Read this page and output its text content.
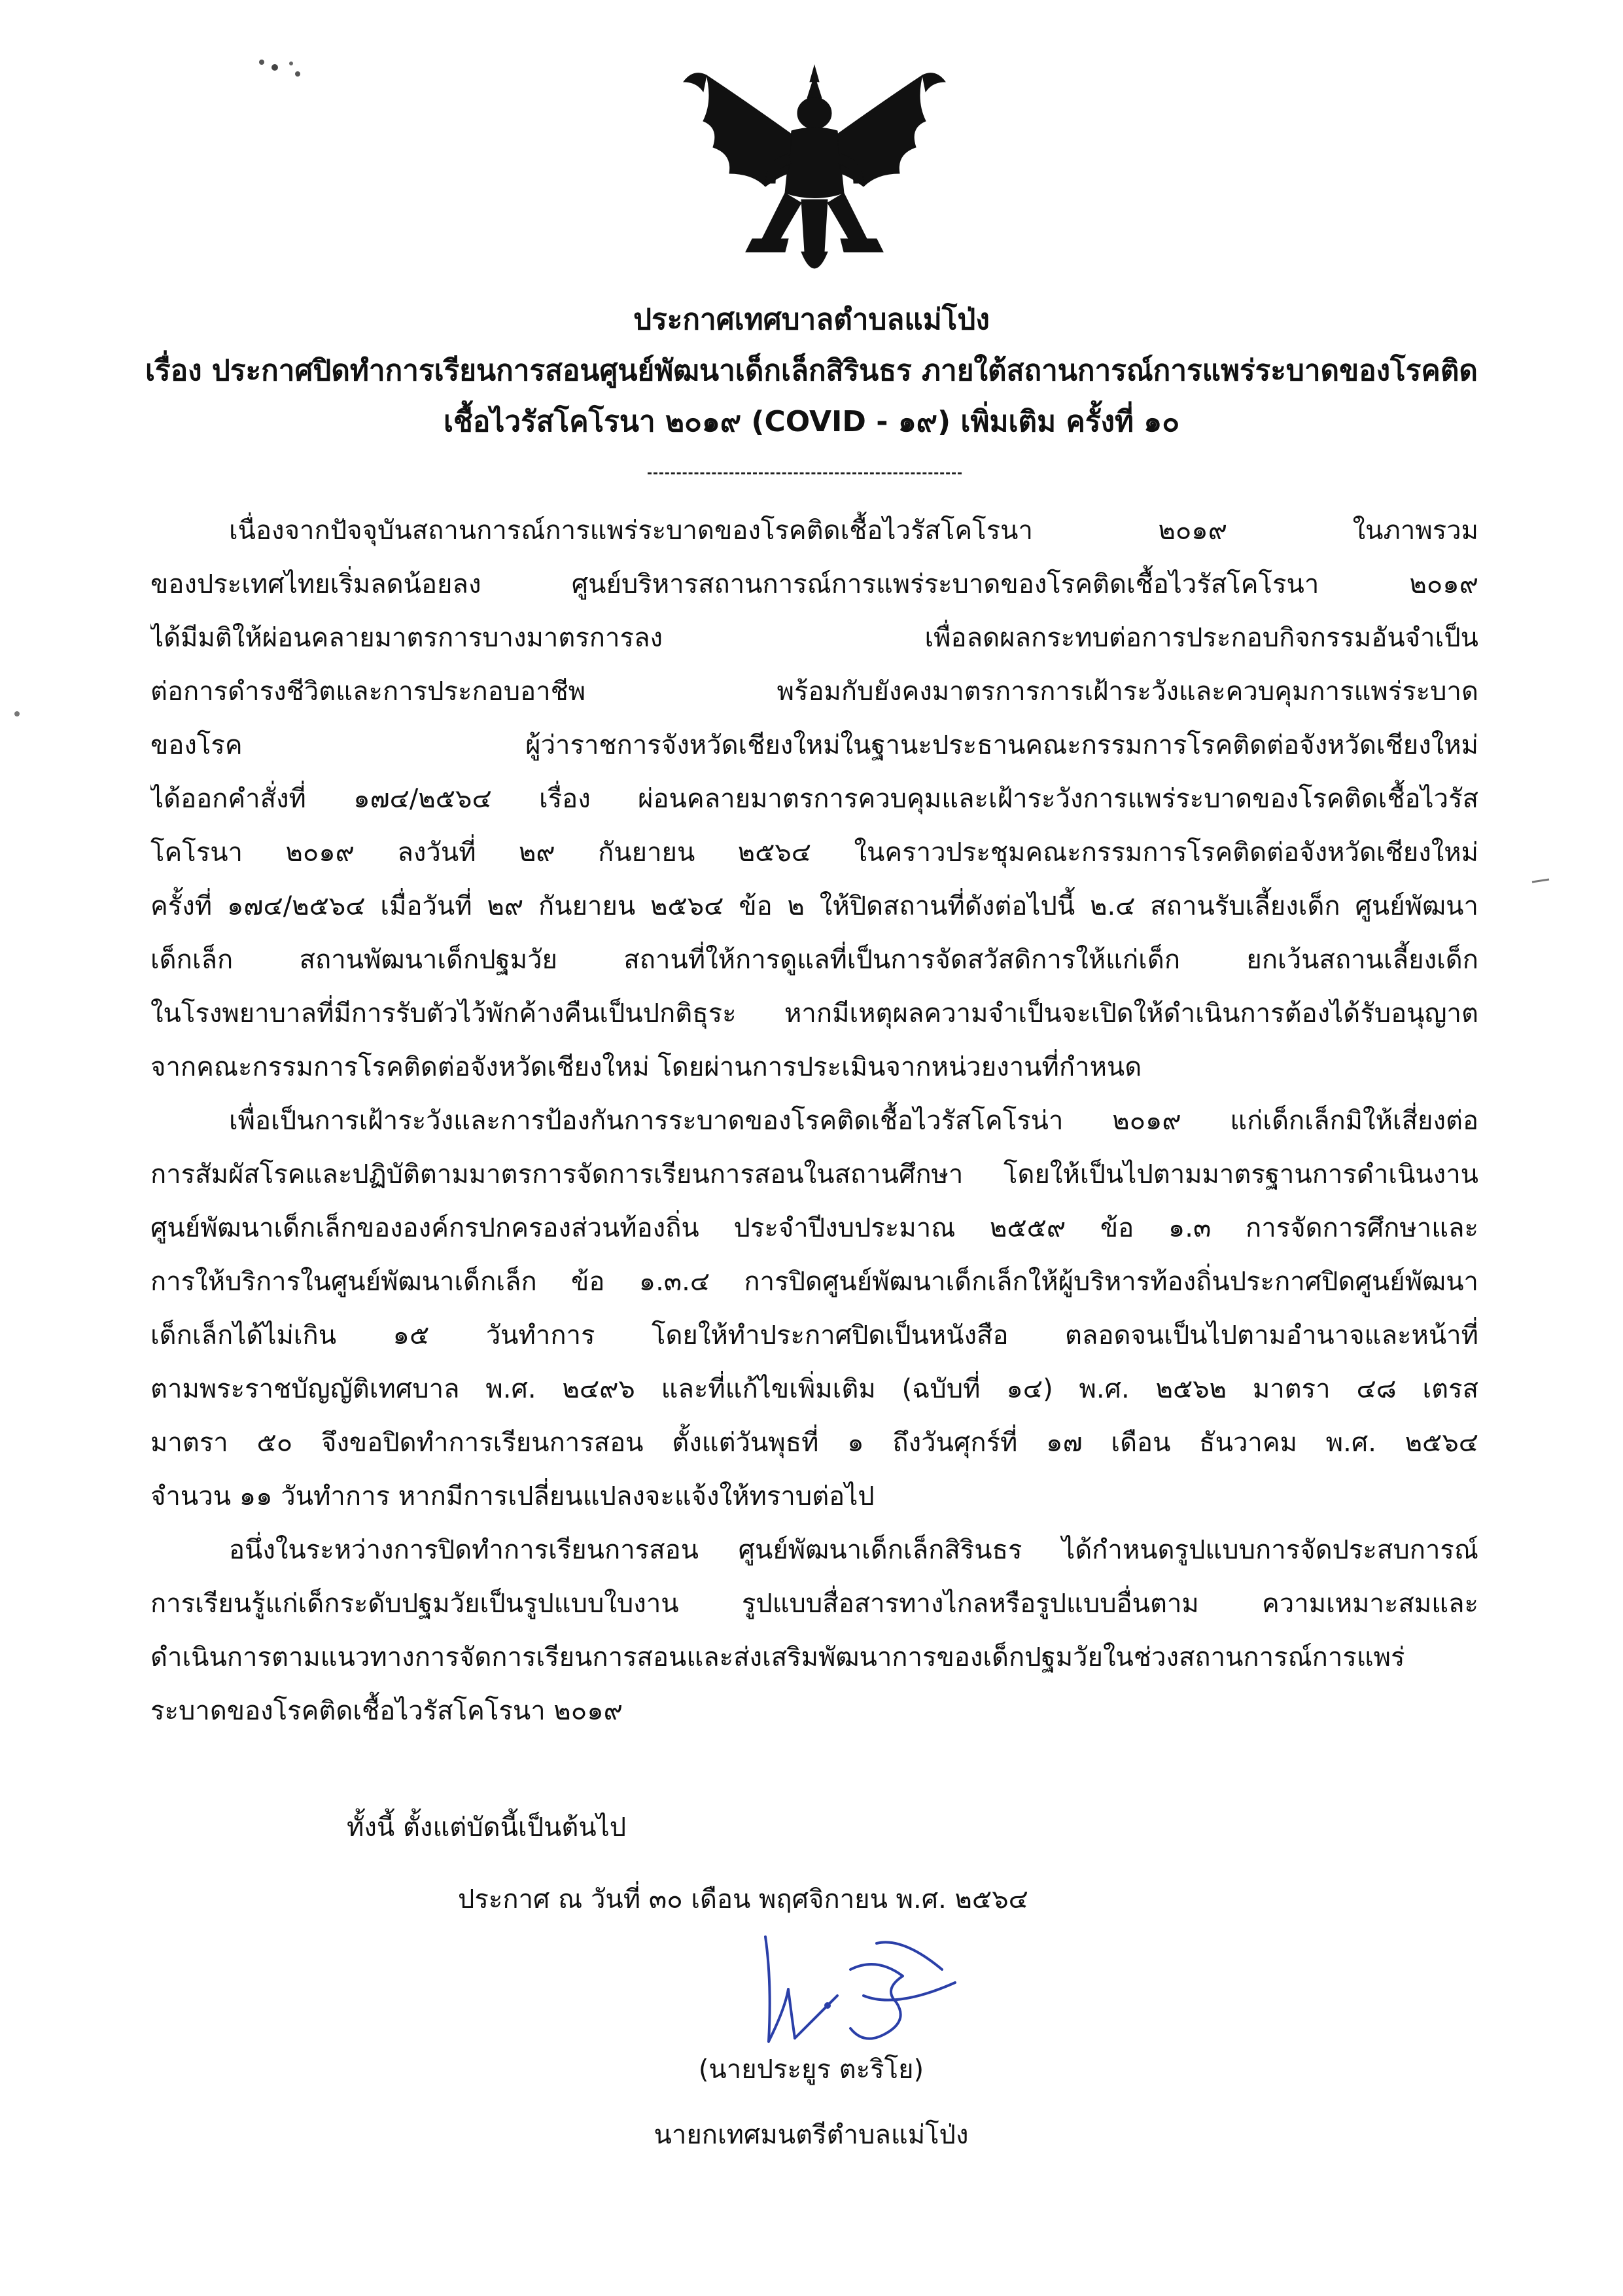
ประกาศเทศบาลตำบลแม่โป่ง
เรื่อง ประกาศปิดทำการเรียนการสอนศูนย์พัฒนาเด็กเล็กสิรินธร ภายใต้สถานการณ์การแพร่ระบาดของโรคติด
เชื้อไวรัสโคโรนา ๒๐๑๙ (COVID - ๑๙) เพิ่มเติม ครั้งที่ ๑๐
เนื่องจากปัจจุบันสถานการณ์การแพร่ระบาดของโรคติดเชื้อไวรัสโคโรนา ๒๐๑๙ ในภาพรวม
ของประเทศไทยเริ่มลดน้อยลง ศูนย์บริหารสถานการณ์การแพร่ระบาดของโรคติดเชื้อไวรัสโคโรนา ๒๐๑๙
ได้มีมติให้ผ่อนคลายมาตรการบางมาตรการลง เพื่อลดผลกระทบต่อการประกอบกิจกรรมอันจำเป็น
ต่อการดำรงชีวิตและการประกอบอาชีพ พร้อมกับยังคงมาตรการการเฝ้าระวังและควบคุมการแพร่ระบาด
ของโรค ผู้ว่าราชการจังหวัดเชียงใหม่ในฐานะประธานคณะกรรมการโรคติดต่อจังหวัดเชียงใหม่
ได้ออกคำสั่งที่ ๑๗๔/๒๕๖๔ เรื่อง ผ่อนคลายมาตรการควบคุมและเฝ้าระวังการแพร่ระบาดของโรคติดเชื้อไวรัส
โคโรนา ๒๐๑๙ ลงวันที่ ๒๙ กันยายน ๒๕๖๔ ในคราวประชุมคณะกรรมการโรคติดต่อจังหวัดเชียงใหม่
ครั้งที่ ๑๗๔/๒๕๖๔ เมื่อวันที่ ๒๙ กันยายน ๒๕๖๔ ข้อ ๒ ให้ปิดสถานที่ดังต่อไปนี้ ๒.๔ สถานรับเลี้ยงเด็ก ศูนย์พัฒนา
เด็กเล็ก สถานพัฒนาเด็กปฐมวัย สถานที่ให้การดูแลที่เป็นการจัดสวัสดิการให้แก่เด็ก ยกเว้นสถานเลี้ยงเด็ก
ในโรงพยาบาลที่มีการรับตัวไว้พักค้างคืนเป็นปกติธุระ หากมีเหตุผลความจำเป็นจะเปิดให้ดำเนินการต้องได้รับอนุญาต
จากคณะกรรมการโรคติดต่อจังหวัดเชียงใหม่ โดยผ่านการประเมินจากหน่วยงานที่กำหนด
เพื่อเป็นการเฝ้าระวังและการป้องกันการระบาดของโรคติดเชื้อไวรัสโคโรน่า ๒๐๑๙ แก่เด็กเล็กมิให้เสี่ยงต่อ
การสัมผัสโรคและปฏิบัติตามมาตรการจัดการเรียนการสอนในสถานศึกษา โดยให้เป็นไปตามมาตรฐานการดำเนินงาน
ศูนย์พัฒนาเด็กเล็กขององค์กรปกครองส่วนท้องถิ่น ประจำปีงบประมาณ ๒๕๕๙ ข้อ ๑.๓ การจัดการศึกษาและ
การให้บริการในศูนย์พัฒนาเด็กเล็ก ข้อ ๑.๓.๔ การปิดศูนย์พัฒนาเด็กเล็กให้ผู้บริหารท้องถิ่นประกาศปิดศูนย์พัฒนา
เด็กเล็กได้ไม่เกิน ๑๕ วันทำการ โดยให้ทำประกาศปิดเป็นหนังสือ ตลอดจนเป็นไปตามอำนาจและหน้าที่
ตามพระราชบัญญัติเทศบาล พ.ศ. ๒๔๙๖ และที่แก้ไขเพิ่มเติม (ฉบับที่ ๑๔) พ.ศ. ๒๕๖๒ มาตรา ๔๘ เตรส
มาตรา ๕๐ จึงขอปิดทำการเรียนการสอน ตั้งแต่วันพุธที่ ๑ ถึงวันศุกร์ที่ ๑๗ เดือน ธันวาคม พ.ศ. ๒๕๖๔
จำนวน ๑๑ วันทำการ หากมีการเปลี่ยนแปลงจะแจ้งให้ทราบต่อไป
อนึ่งในระหว่างการปิดทำการเรียนการสอน ศูนย์พัฒนาเด็กเล็กสิรินธร ได้กำหนดรูปแบบการจัดประสบการณ์
การเรียนรู้แก่เด็กระดับปฐมวัยเป็นรูปแบบใบงาน รูปแบบสื่อสารทางไกลหรือรูปแบบอื่นตาม ความเหมาะสมและ
ดำเนินการตามแนวทางการจัดการเรียนการสอนและส่งเสริมพัฒนาการของเด็กปฐมวัยในช่วงสถานการณ์การแพร่
ระบาดของโรคติดเชื้อไวรัสโคโรนา ๒๐๑๙
ทั้งนี้ ตั้งแต่บัดนี้เป็นต้นไป
ประกาศ ณ วันที่ ๓๐ เดือน พฤศจิกายน พ.ศ. ๒๕๖๔
(นายประยูร ตะริโย)
นายกเทศมนตรีตำบลแม่โป่ง
